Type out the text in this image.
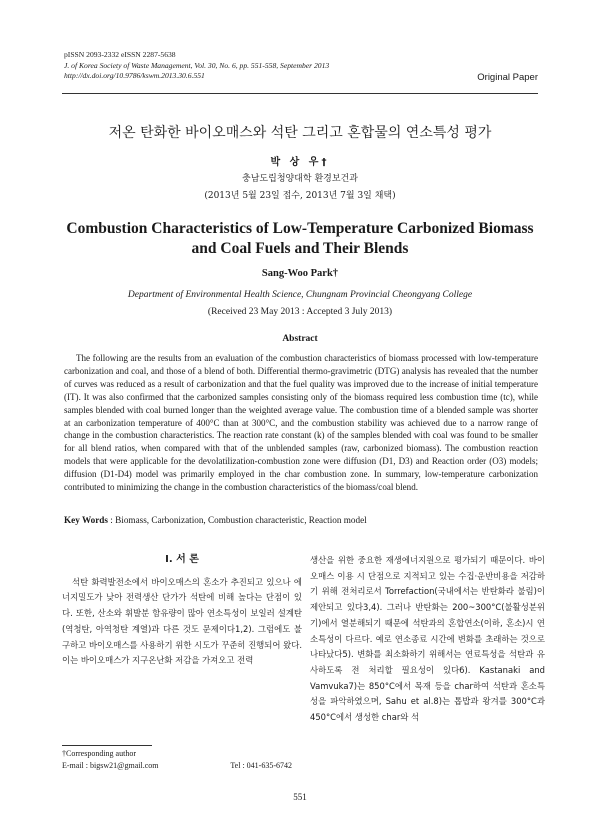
pISSN 2093-2332 eISSN 2287-5638
J. of Korea Society of Waste Management, Vol. 30, No. 6, pp. 551-558, September 2013
http://dx.doi.org/10.9786/kswm.2013.30.6.551	Original Paper
저온 탄화한 바이오매스와 석탄 그리고 혼합물의 연소특성 평가
박 상 우†
충남도립청양대학 환경보건과
(2013년 5월 23일 접수, 2013년 7월 3일 채택)
Combustion Characteristics of Low-Temperature Carbonized Biomass
and Coal Fuels and Their Blends
Sang-Woo Park†
Department of Environmental Health Science, Chungnam Provincial Cheongyang College
(Received 23 May 2013 : Accepted 3 July 2013)
Abstract
The following are the results from an evaluation of the combustion characteristics of biomass processed with low-temperature carbonization and coal, and those of a blend of both. Differential thermo-gravimetric (DTG) analysis has revealed that the number of curves was reduced as a result of carbonization and that the fuel quality was improved due to the increase of initial temperature (IT). It was also confirmed that the carbonized samples consisting only of the biomass required less combustion time (tc), while samples blended with coal burned longer than the weighted average value. The combustion time of a blended sample was shorter at an carbonization temperature of 400°C than at 300°C, and the combustion stability was achieved due to a narrow range of change in the combustion characteristics. The reaction rate constant (k) of the samples blended with coal was found to be smaller for all blend ratios, when compared with that of the unblended samples (raw, carbonized biomass). The combustion reaction models that were applicable for the devolatilization-combustion zone were diffusion (D1, D3) and Reaction order (O3) models; diffusion (D1-D4) model was primarily employed in the char combustion zone. In summary, low-temperature carbonization contributed to minimizing the change in the combustion characteristics of the biomass/coal blend.
Key Words : Biomass, Carbonization, Combustion characteristic, Reaction model
I. 서 론

석탄 화력발전소에서 바이오매스의 혼소가 추진되고 있으나 에너지밀도가 낮아 전력생산 단가가 석탄에 비해 높다는 단점이 있다. 또한, 산소와 휘발분 함유량이 많아 연소특성이 보일러 설계탄(역청탄, 아역청탄 계열)과 다른 것도 문제이다1,2). 그럼에도 불구하고 바이오매스를 사용하기 위한 시도가 꾸준히 진행되어 왔다. 이는 바이오매스가 지구온난화 저감을 가져오고 전력

생산을 위한 중요한 재생에너지원으로 평가되기 때문이다. 바이오매스 이용 시 단점으로 지적되고 있는 수집·운반비용을 저감하기 위해 전처리로서 Torrefaction(국내에서는 반탄화라 불림)이 제안되고 있다3,4). 그러나 반탄화는 200~300°C(불활성분위기)에서 열분해되기 때문에 석탄과의 혼합연소(이하, 혼소)시 연소특성이 다르다. 예로 연소종료 시간에 변화를 초래하는 것으로 나타났다5). 변화를 최소화하기 위해서는 연료특성을 석탄과 유사하도록 전 처리할 필요성이 있다6). Kastanaki and Vamvuka7)는 850°C에서 목재 등을 char하여 석탄과 혼소특성을 파악하였으며, Sahu et al.8)는 톱밥과 왕겨를 300°C과 450°C에서 생성한 char와 석

†Corresponding author
E-mail : bigsw21@gmail.com	Tel : 041-635-6742
551
